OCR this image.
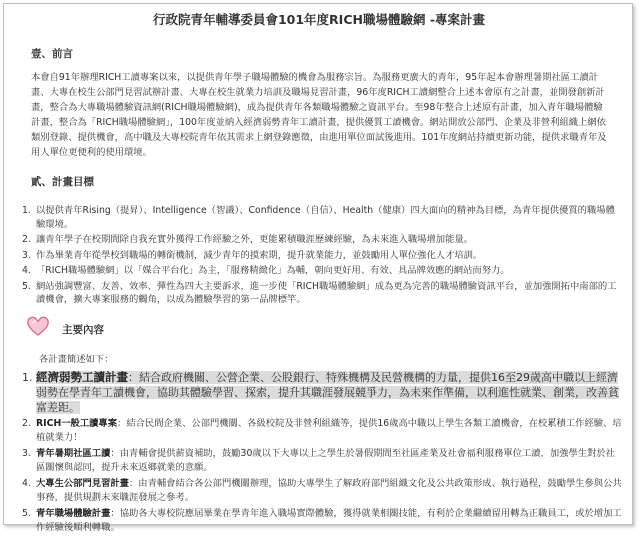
行政院青年輔導委員會101年度RICH職場體驗網 -專案計畫
壹、前言
本會自91年辦理RICH工讀專案以來，以提供青年學子職場體驗的機會為服務宗旨。為服務更廣大的青年，95年起本會辦理暑期社區工讀計畫、大專在校生公部門見習試辦計畫、大專在校生就業力培訓及職場見習計畫，96年度RICH工讀網整合上述本會原有之計畫，並開發創新計畫，整合為大專職場體驗資訊網(RICH職場體驗網)，成為提供青年各類職場體驗之資訊平台。至98年整合上述原有計畫，加入青年職場體驗計畫，整合為「RICH職場體驗網」，100年度並納入經濟弱勢青年工讀計畫，提供優質工讀機會。網站開放公部門、企業及非營利組織上網依類別登錄、提供機會，高中職及大專校院青年依其需求上網登錄應徵，由進用單位面試後進用。101年度網站持續更新功能，提供求職青年及用人單位更便利的使用環境。
貳、計畫目標
1. 以提供青年Rising（提昇）、Intelligence（智識）、Confidence（自信）、Health（健康）四大面向的精神為目標，為青年提供優質的職場體驗環境。
2. 讓青年學子在校期間除自我充實外獲得工作經驗之外，更能累積職涯歷練經驗，為未來進入職場增加能量。
3. 作為畢業青年從學校到職場的轉銜機制，減少青年的摸索期，提升就業能力，並鼓勵用人單位強化人才培訓。
4. 「RICH職場體驗網」以「媒合平台化」為主，「服務精緻化」為輔，朝向更好用、有效、具品牌效應的網站而努力。
5. 網站強調豐富、友善、效率、彈性為四大主要訴求，進一步使「RICH職場體驗網」成為更為完善的職場體驗資訊平台，並加強開拓中南部的工讀機會，擴大專案服務的觸角，以成為體驗學習的第一品牌標竿。
主要內容
各計畫簡述如下：
1. 經濟弱勢工讀計畫：結合政府機關、公營企業、公股銀行、特殊機構及民營機構的力量，提供16至29歲高中職以上經濟弱勢在學青年工讀機會，協助其體驗學習、探索，提升其職涯發展競爭力，為未來作準備，以利進性就業、創業，改善貧富差距。
2. RICH一般工讀專案：結合民間企業、公部門機關、各級校院及非營利組織等，提供16歲高中職以上學生各類工讀機會，在校累積工作經驗、培植就業力！
3. 青年暑期社區工讀：由青輔會提供薪資補助，鼓勵30歲以下大專以上之學生於暑假期間至社區產業及社會福利服務單位工讀，加強學生對於社區關懷與認同，提升未來返鄉就業的意願。
4. 大專生公部門見習計畫：由青輔會結合各公部門機關辦理，協助大專學生了解政府部門組織文化及公共政策形成、執行過程，鼓勵學生參與公共事務，提供規劃未來職涯發展之參考。
5. 青年職場體驗計畫：協助各大專校院應屆畢業在學青年進入職場實際體驗，獲得就業相關技能，有利於企業繼續留用轉為正職員工，或於增加工作經驗後順利轉職。
